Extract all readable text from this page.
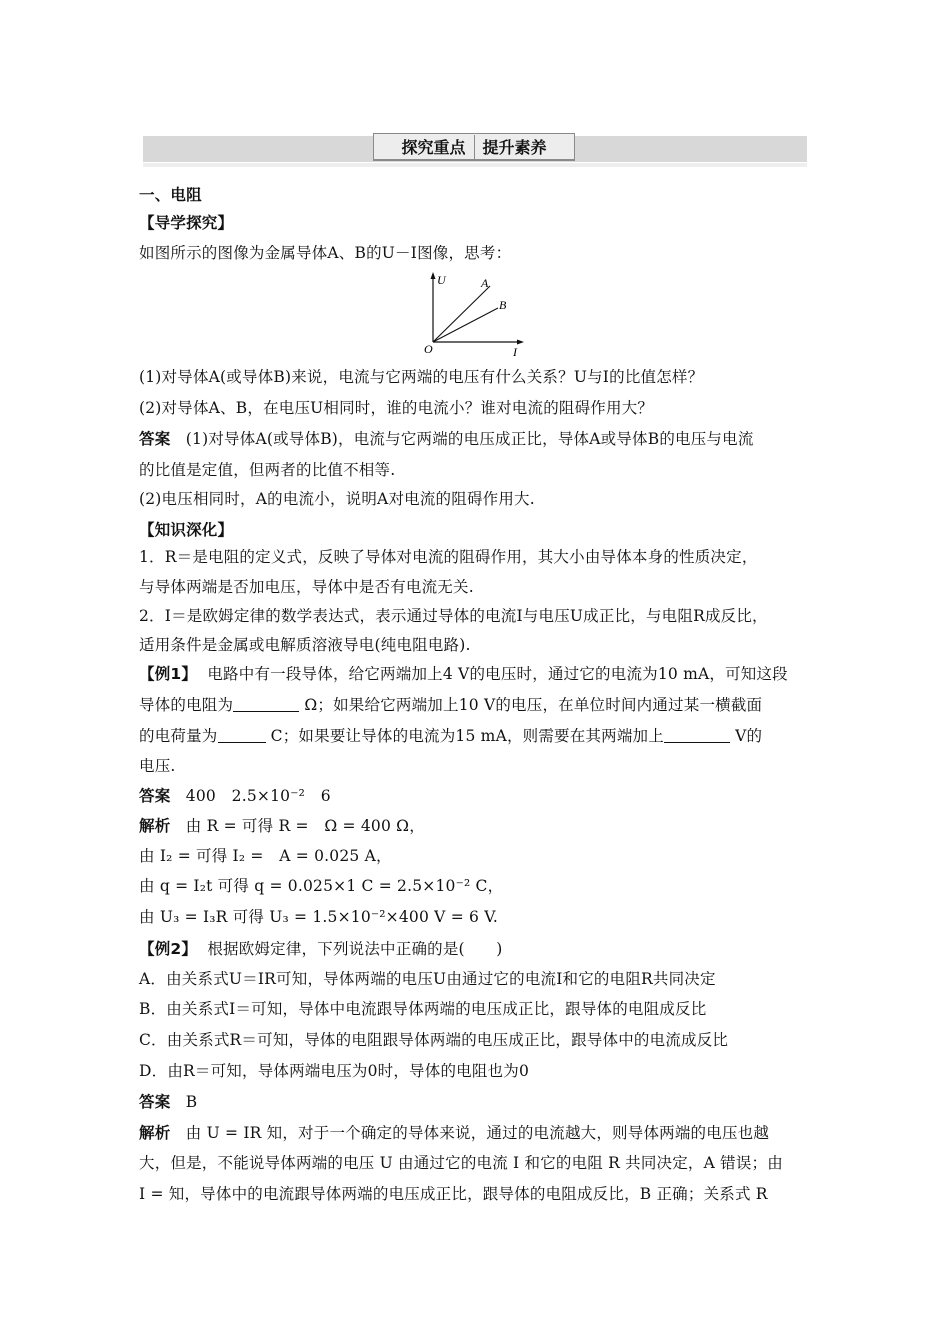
探究重点	提升素养
一、电阻
【导学探究】
如图所示的图像为金属导体A、B的U－I图像，思考：
U
I
O
A
B
(1)对导体A(或导体B)来说，电流与它两端的电压有什么关系？U与I的比值怎样？
(2)对导体A、B，在电压U相同时，谁的电流小？谁对电流的阻碍作用大？
答案 (1)对导体A(或导体B)，电流与它两端的电压成正比，导体A或导体B的电压与电流
的比值是定值，但两者的比值不相等.
(2)电压相同时，A的电流小，说明A对电流的阻碍作用大.
【知识深化】
1．R＝是电阻的定义式，反映了导体对电流的阻碍作用，其大小由导体本身的性质决定，
与导体两端是否加电压，导体中是否有电流无关.
2．I＝是欧姆定律的数学表达式，表示通过导体的电流I与电压U成正比，与电阻R成反比，
适用条件是金属或电解质溶液导电(纯电阻电路).
【例1】 电路中有一段导体，给它两端加上4 V的电压时，通过它的电流为10 mA，可知这段
导体的电阻为	Ω；如果给它两端加上10 V的电压，在单位时间内通过某一横截面
的电荷量为	C；如果要让导体的电流为15 mA，则需要在其两端加上	V的
电压.
答案 400　2.5×10⁻²　6
解析 由 R = 可得 R =　Ω = 400 Ω，
由 I₂ = 可得 I₂ =　A = 0.025 A，
由 q = I₂t 可得 q = 0.025×1 C = 2.5×10⁻² C，
由 U₃ = I₃R 可得 U₃ = 1.5×10⁻²×400 V = 6 V.
【例2】 根据欧姆定律，下列说法中正确的是(　　)
A．由关系式U＝IR可知，导体两端的电压U由通过它的电流I和它的电阻R共同决定
B．由关系式I＝可知，导体中电流跟导体两端的电压成正比，跟导体的电阻成反比
C．由关系式R＝可知，导体的电阻跟导体两端的电压成正比，跟导体中的电流成反比
D．由R＝可知，导体两端电压为0时，导体的电阻也为0
答案 B
解析 由 U = IR 知，对于一个确定的导体来说，通过的电流越大，则导体两端的电压也越
大，但是，不能说导体两端的电压 U 由通过它的电流 I 和它的电阻 R 共同决定，A 错误；由
I = 知，导体中的电流跟导体两端的电压成正比，跟导体的电阻成反比，B 正确；关系式 R
